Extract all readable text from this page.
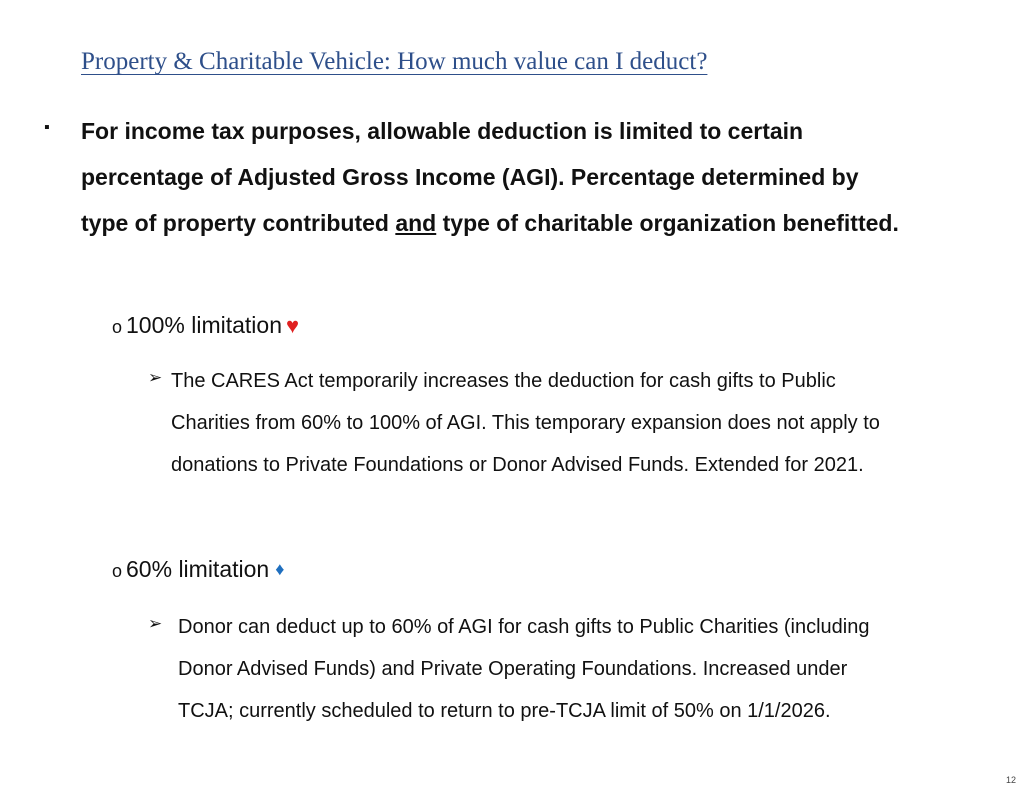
Property & Charitable Vehicle: How much value can I deduct?
▪ For income tax purposes, allowable deduction is limited to certain
percentage of Adjusted Gross Income (AGI). Percentage determined by
type of property contributed and type of charitable organization benefitted.
o 100% limitation ♥
➢ The CARES Act temporarily increases the deduction for cash gifts to Public
Charities from 60% to 100% of AGI. This temporary expansion does not apply to
donations to Private Foundations or Donor Advised Funds. Extended for 2021.
o 60% limitation ♦
➢ Donor can deduct up to 60% of AGI for cash gifts to Public Charities (including
Donor Advised Funds) and Private Operating Foundations. Increased under
TCJA; currently scheduled to return to pre-TCJA limit of 50% on 1/1/2026.
12
